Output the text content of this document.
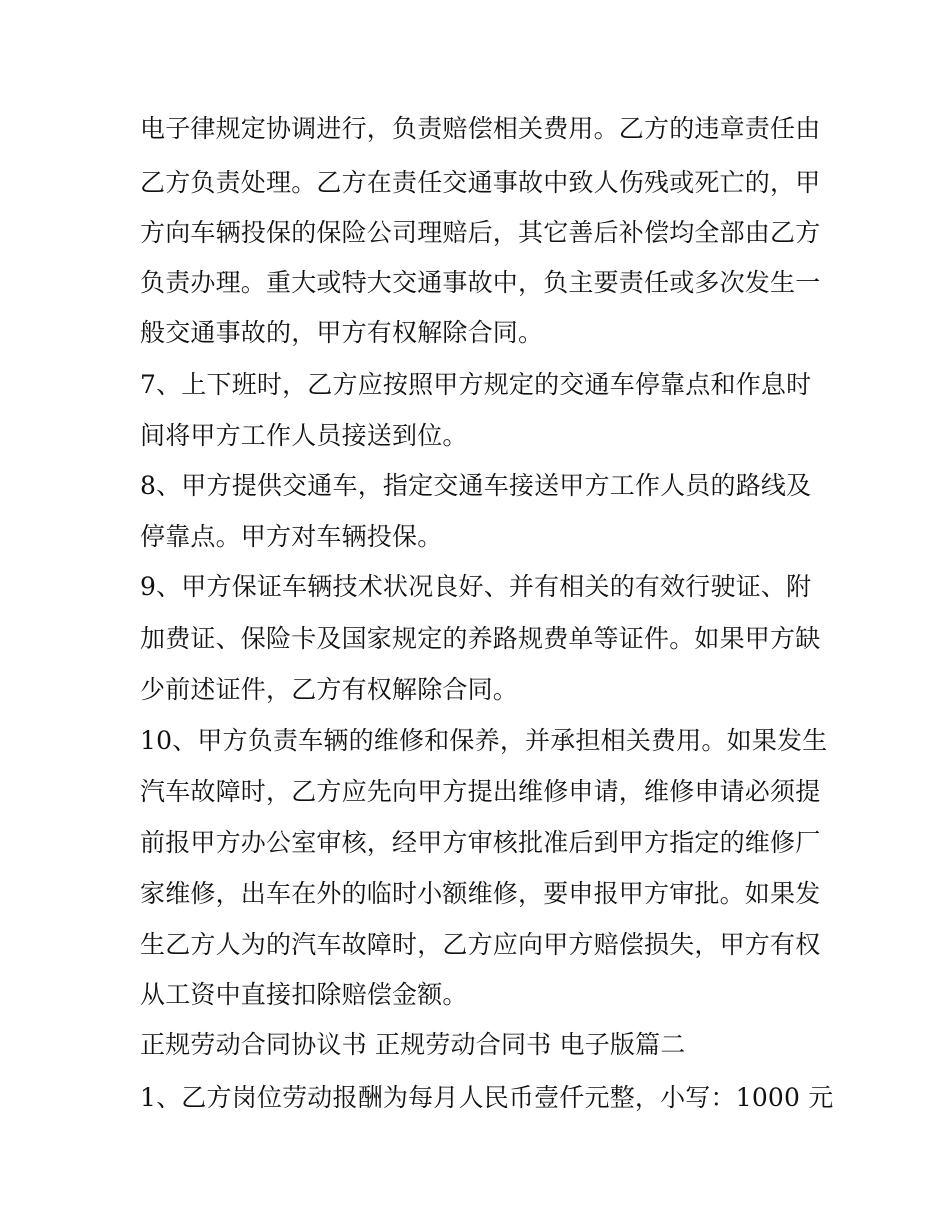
电子律规定协调进行，负责赔偿相关费用。乙方的违章责任由
乙方负责处理。乙方在责任交通事故中致人伤残或死亡的，甲
方向车辆投保的保险公司理赔后，其它善后补偿均全部由乙方
负责办理。重大或特大交通事故中，负主要责任或多次发生一
般交通事故的，甲方有权解除合同。
7、上下班时，乙方应按照甲方规定的交通车停靠点和作息时
间将甲方工作人员接送到位。
8、甲方提供交通车，指定交通车接送甲方工作人员的路线及
停靠点。甲方对车辆投保。
9、甲方保证车辆技术状况良好、并有相关的有效行驶证、附
加费证、保险卡及国家规定的养路规费单等证件。如果甲方缺
少前述证件，乙方有权解除合同。
10、甲方负责车辆的维修和保养，并承担相关费用。如果发生
汽车故障时，乙方应先向甲方提出维修申请，维修申请必须提
前报甲方办公室审核，经甲方审核批准后到甲方指定的维修厂
家维修，出车在外的临时小额维修，要申报甲方审批。如果发
生乙方人为的汽车故障时，乙方应向甲方赔偿损失，甲方有权
从工资中直接扣除赔偿金额。
正规劳动合同协议书 正规劳动合同书 电子版篇二
1、乙方岗位劳动报酬为每月人民币壹仟元整，小写：1000 元
